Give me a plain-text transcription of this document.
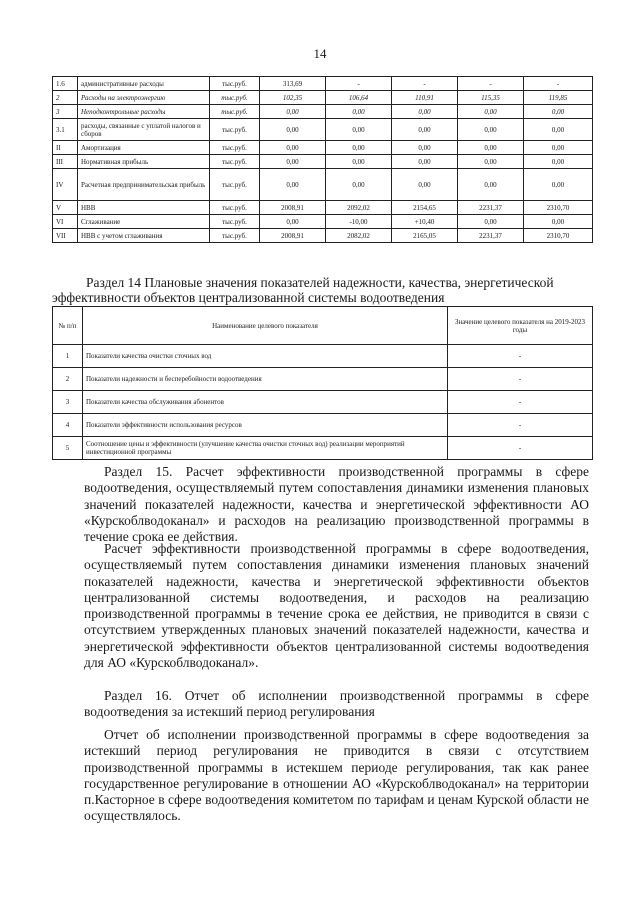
14
1.6	административные расходы	тыс.руб.	313,69	-	-	-	-
2	Расходы на электроэнергию	тыс.руб.	102,35	106,64	110,91	115,35	119,85
3	Неподконтрольные расходы	тыс.руб.	0,00	0,00	0,00	0,00	0,00
3.1	расходы, связанные с уплатой налогов и сборов	тыс.руб.	0,00	0,00	0,00	0,00	0,00
II	Амортизация	тыс.руб.	0,00	0,00	0,00	0,00	0,00
III	Нормативная прибыль	тыс.руб.	0,00	0,00	0,00	0,00	0,00
IV	Расчетная предпринимательская прибыль	тыс.руб.	0,00	0,00	0,00	0,00	0,00
V	НВВ	тыс.руб.	2008,91	2092,02	2154,65	2231,37	2310,70
VI	Сглаживание	тыс.руб.	0,00	-10,00	+10,40	0,00	0,00
VII	НВВ с учетом сглаживания	тыс.руб.	2008,91	2082,02	2165,05	2231,37	2310,70
Раздел 14 Плановые значения показателей надежности, качества, энергетической
эффективности объектов централизованной системы водоотведения
№ п/п	Наименование целевого показателя	Значение целевого показателя на 2019-2023 годы
1	Показатели качества очистки сточных вод	-
2	Показатели надежности и бесперебойности водоотведения	-
3	Показатели качества обслуживания абонентов	-
4	Показатели эффективности использования ресурсов	-
5	Соотношение цены и эффективности (улучшение качества очистки сточных вод) реализации мероприятий инвестиционной программы	-
Раздел 15. Расчет эффективности производственной программы в сфере водоотведения, осуществляемый путем сопоставления динамики изменения плановых значений показателей надежности, качества и энергетической эффективности АО «Курскоблводоканал» и расходов на реализацию производственной программы в течение срока ее действия.
Расчет эффективности производственной программы в сфере водоотведения, осуществляемый путем сопоставления динамики изменения плановых значений показателей надежности, качества и энергетической эффективности объектов централизованной системы водоотведения, и расходов на реализацию производственной программы в течение срока ее действия, не приводится в связи с отсутствием утвержденных плановых значений показателей надежности, качества и энергетической эффективности объектов централизованной системы водоотведения для АО «Курскоблводоканал».
Раздел 16. Отчет об исполнении производственной программы в сфере водоотведения за истекший период регулирования
Отчет об исполнении производственной программы в сфере водоотведения за истекший период регулирования не приводится в связи с отсутствием производственной программы в истекшем периоде регулирования, так как ранее государственное регулирование в отношении АО «Курскоблводоканал» на территории п.Касторное в сфере водоотведения комитетом по тарифам и ценам Курской области не осуществлялось.
